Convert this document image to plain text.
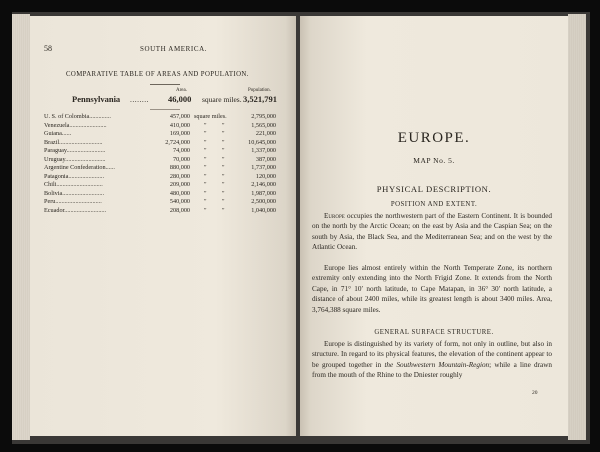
58	SOUTH AMERICA.
COMPARATIVE TABLE OF AREAS AND POPULATION.
Area.	Population.
Pennsylvania ........ 46,000 square miles. 3,521,791
U. S. of Colombia..............	457,000 square miles.	2,795,000
Venezuela........................	410,000 " "	1,565,000
Guiana......	169,000 " "	221,000
Brazil............................	2,724,000 " "	10,645,000
Paraguay.........................	74,000 " "	1,337,000
Uruguay..........................	70,000 " "	387,000
Argentine Confederation......	880,000 " "	1,737,000
Patagonia.......................	280,000 " "	120,000
Chili..............................	209,000 " "	2,146,000
Bolivia...........................	480,000 " "	1,987,000
Peru..............................	540,000 " "	2,500,000
Ecuador...........................	208,000 " "	1,040,000
EUROPE.
MAP No. 5.
PHYSICAL DESCRIPTION.
POSITION AND EXTENT.
Europe occupies the northwestern part of the Eastern Continent. It is bounded on the north by the Arctic Ocean; on the east by Asia and the Caspian Sea; on the south by Asia, the Black Sea, and the Mediterranean Sea; and on the west by the Atlantic Ocean.
Europe lies almost entirely within the North Temperate Zone, its northern extremity only extending into the North Frigid Zone. It extends from the North Cape, in 71° 10′ north latitude, to Cape Matapan, in 36° 30′ north latitude, a distance of about 2400 miles, while its greatest length is about 3400 miles. Area, 3,764,388 square miles.
GENERAL SURFACE STRUCTURE.
Europe is distinguished by its variety of form, not only in outline, but also in structure. In regard to its physical features, the elevation of the continent appear to be grouped together in the Southwestern Mountain-Region; while a line drawn from the mouth of the Rhine to the Dniester roughly
20
